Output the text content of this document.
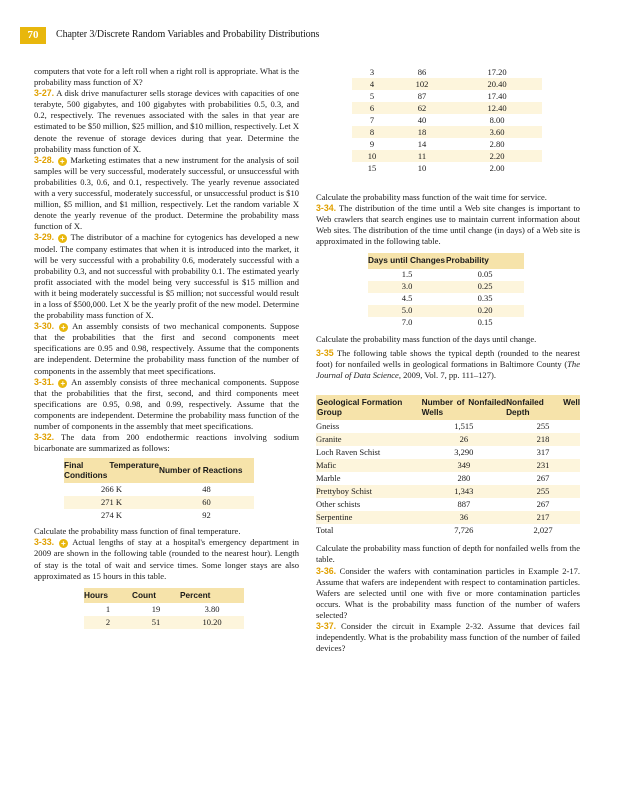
70	Chapter 3/Discrete Random Variables and Probability Distributions

computers that vote for a left roll when a right roll is appropriate. What is the probability mass function of X?

3-27. A disk drive manufacturer sells storage devices with capacities of one terabyte, 500 gigabytes, and 100 gigabytes with probabilities 0.5, 0.3, and 0.2, respectively. The revenues associated with the sales in that year are estimated to be $50 million, $25 million, and $10 million, respectively. Let X denote the revenue of storage devices during that year. Determine the probability mass function of X.

3-28. + Marketing estimates that a new instrument for the analysis of soil samples will be very successful, moderately successful, or unsuccessful with probabilities 0.3, 0.6, and 0.1, respectively. The yearly revenue associated with a very successful, moderately successful, or unsuccessful product is $10 million, $5 million, and $1 million, respectively. Let the random variable X denote the yearly revenue of the product. Determine the probability mass function of X.

3-29. + The distributor of a machine for cytogenics has developed a new model. The company estimates that when it is introduced into the market, it will be very successful with a probability 0.6, moderately successful with a probability 0.3, and not successful with probability 0.1. The estimated yearly profit associated with the model being very successful is $15 million and with it being moderately successful is $5 million; not successful would result in a loss of $500,000. Let X be the yearly profit of the new model. Determine the probability mass function of X.

3-30. + An assembly consists of two mechanical components. Suppose that the probabilities that the first and second components meet specifications are 0.95 and 0.98, respectively. Assume that the components are independent. Determine the probability mass function of the number of components in the assembly that meet specifications.

3-31. + An assembly consists of three mechanical components. Suppose that the probabilities that the first, second, and third components meet specifications are 0.95, 0.98, and 0.99, respectively. Assume that the components are independent. Determine the probability mass function of the number of components in the assembly that meet specifications.

3-32. The data from 200 endothermic reactions involving sodium bicarbonate are summarized as follows:

Final Temperature Conditions	Number of Reactions
266 K	48
271 K	60
274 K	92

Calculate the probability mass function of final temperature.

3-33. + Actual lengths of stay at a hospital's emergency department in 2009 are shown in the following table (rounded to the nearest hour). Length of stay is the total of wait and service times. Some longer stays are also approximated as 15 hours in this table.

Hours	Count	Percent
1	19	3.80
2	51	10.20
3	86	17.20
4	102	20.40
5	87	17.40
6	62	12.40
7	40	8.00
8	18	3.60
9	14	2.80
10	11	2.20
15	10	2.00

Calculate the probability mass function of the wait time for service.

3-34. The distribution of the time until a Web site changes is important to Web crawlers that search engines use to maintain current information about Web sites. The distribution of the time until change (in days) of a Web site is approximated in the following table.

Days until Changes	Probability
1.5	0.05
3.0	0.25
4.5	0.35
5.0	0.20
7.0	0.15

Calculate the probability mass function of the days until change.

3-35 The following table shows the typical depth (rounded to the nearest foot) for nonfailed wells in geological formations in Baltimore County (The Journal of Data Science, 2009, Vol. 7, pp. 111–127).

Geological Formation Group	Number of Nonfailed Wells	Nonfailed Well Depth
Gneiss	1,515	255
Granite	26	218
Loch Raven Schist	3,290	317
Mafic	349	231
Marble	280	267
Prettyboy Schist	1,343	255
Other schists	887	267
Serpentine	36	217
Total	7,726	2,027

Calculate the probability mass function of depth for nonfailed wells from the table.

3-36. Consider the wafers with contamination particles in Example 2-17. Assume that wafers are independent with respect to contamination particles. Wafers are selected until one with five or more contamination particles occurs. What is the probability mass function of the number of wafers selected?

3-37. Consider the circuit in Example 2-32. Assume that devices fail independently. What is the probability mass function of the number of failed devices?
